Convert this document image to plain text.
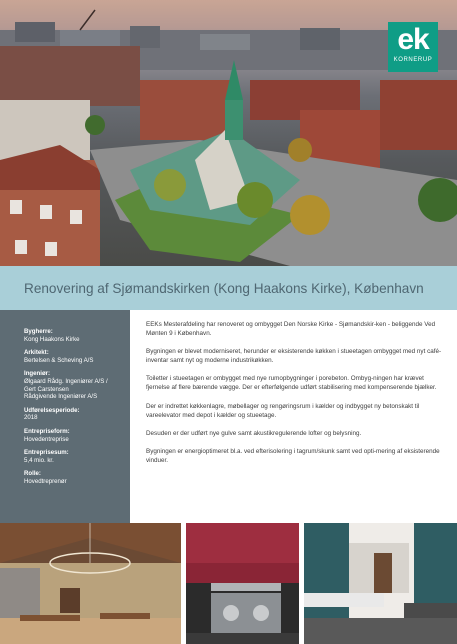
ek
KORNERUP
Renovering af Sjømandskirken (Kong Haakons Kirke), København
Bygherre:
Kong Haakons Kirke
Arkitekt:
Bertelsen & Scheving A/S
Ingeniør:
Ølgaard Rådg. Ingeniører A/S /
Gert Carstensen
Rådgivende Ingeniører A/S
Udførelsesperiode:
2018
Entrepriseform:
Hovedentreprise
Entreprisesum:
5,4 mio. kr.
Rolle:
Hovedtreprenør

EEKs Mesterafdeling har renoveret og ombygget Den Norske Kirke - Sjømandskir-ken - beliggende Ved Mønten 9 i København.

Bygningen er blevet moderniseret, herunder er eksisterende køkken i stueetagen ombygget med nyt café-inventar samt nyt og moderne industrikøkken.

Toiletter i stueetagen er ombygget med nye rumopbygninger i porebeton. Ombyg-ningen har krævet fjernelse af flere bærende vægge. Der er efterfølgende udført stabilisering med kompenserende bjælker.

Der er indrettet køkkenlagre, møbellager og rengøringsrum i kælder og indbygget ny betonskakt til vareelevator med depot i kælder og stueetage.

Desuden er der udført nye gulve samt akustikregulerende lofter og belysning.

Bygningen er energioptimeret bl.a. ved efterisolering i tagrum/skunk samt ved opti-mering af eksisterende vinduer.
